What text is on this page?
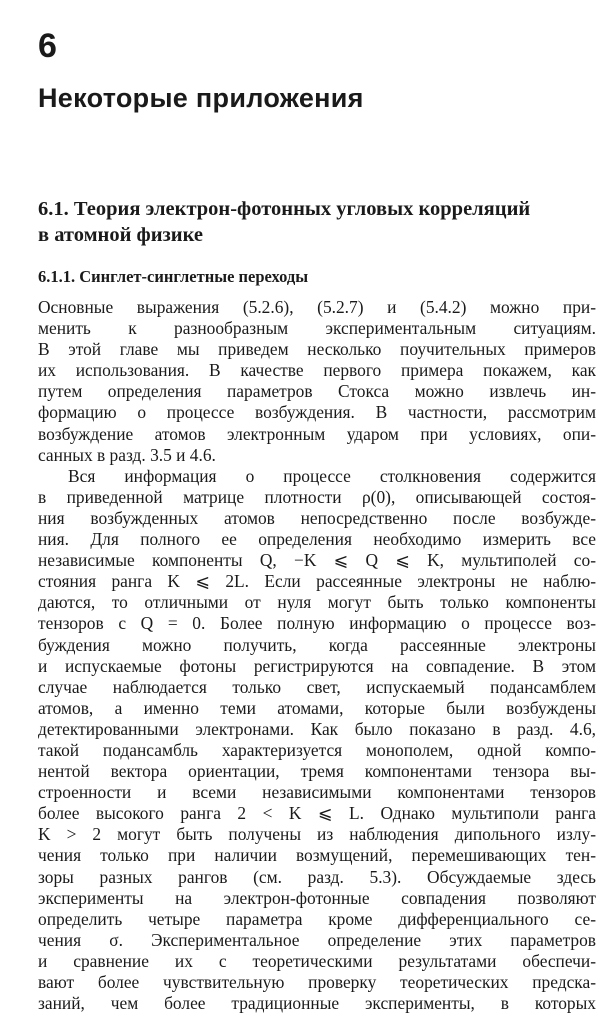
6
Некоторые приложения
6.1. Теория электрон-фотонных угловых корреляций
в атомной физике
6.1.1. Синглет-синглетные переходы
Основные выражения (5.2.6), (5.2.7) и (5.4.2) можно при-
менить к разнообразным экспериментальным ситуациям.
В этой главе мы приведем несколько поучительных примеров
их использования. В качестве первого примера покажем, как
путем определения параметров Стокса можно извлечь ин-
формацию о процессе возбуждения. В частности, рассмотрим
возбуждение атомов электронным ударом при условиях, опи-
санных в разд. 3.5 и 4.6.
Вся информация о процессе столкновения содержится
в приведенной матрице плотности ρ(0), описывающей состоя-
ния возбужденных атомов непосредственно после возбужде-
ния. Для полного ее определения необходимо измерить все
независимые компоненты Q, −K ⩽ Q ⩽ K, мультиполей со-
стояния ранга K ⩽ 2L. Если рассеянные электроны не наблю-
даются, то отличными от нуля могут быть только компоненты
тензоров с Q = 0. Более полную информацию о процессе воз-
буждения можно получить, когда рассеянные электроны
и испускаемые фотоны регистрируются на совпадение. В этом
случае наблюдается только свет, испускаемый подансамблем
атомов, а именно теми атомами, которые были возбуждены
детектированными электронами. Как было показано в разд. 4.6,
такой подансамбль характеризуется монополем, одной компо-
нентой вектора ориентации, тремя компонентами тензора вы-
строенности и всеми независимыми компонентами тензоров
более высокого ранга 2 < K ⩽ L. Однако мультиполи ранга
K > 2 могут быть получены из наблюдения дипольного излу-
чения только при наличии возмущений, перемешивающих тен-
зоры разных рангов (см. разд. 5.3). Обсуждаемые здесь
эксперименты на электрон-фотонные совпадения позволяют
определить четыре параметра кроме дифференциального се-
чения σ. Экспериментальное определение этих параметров
и сравнение их с теоретическими результатами обеспечи-
вают более чувствительную проверку теоретических предска-
заний, чем более традиционные эксперименты, в которых
